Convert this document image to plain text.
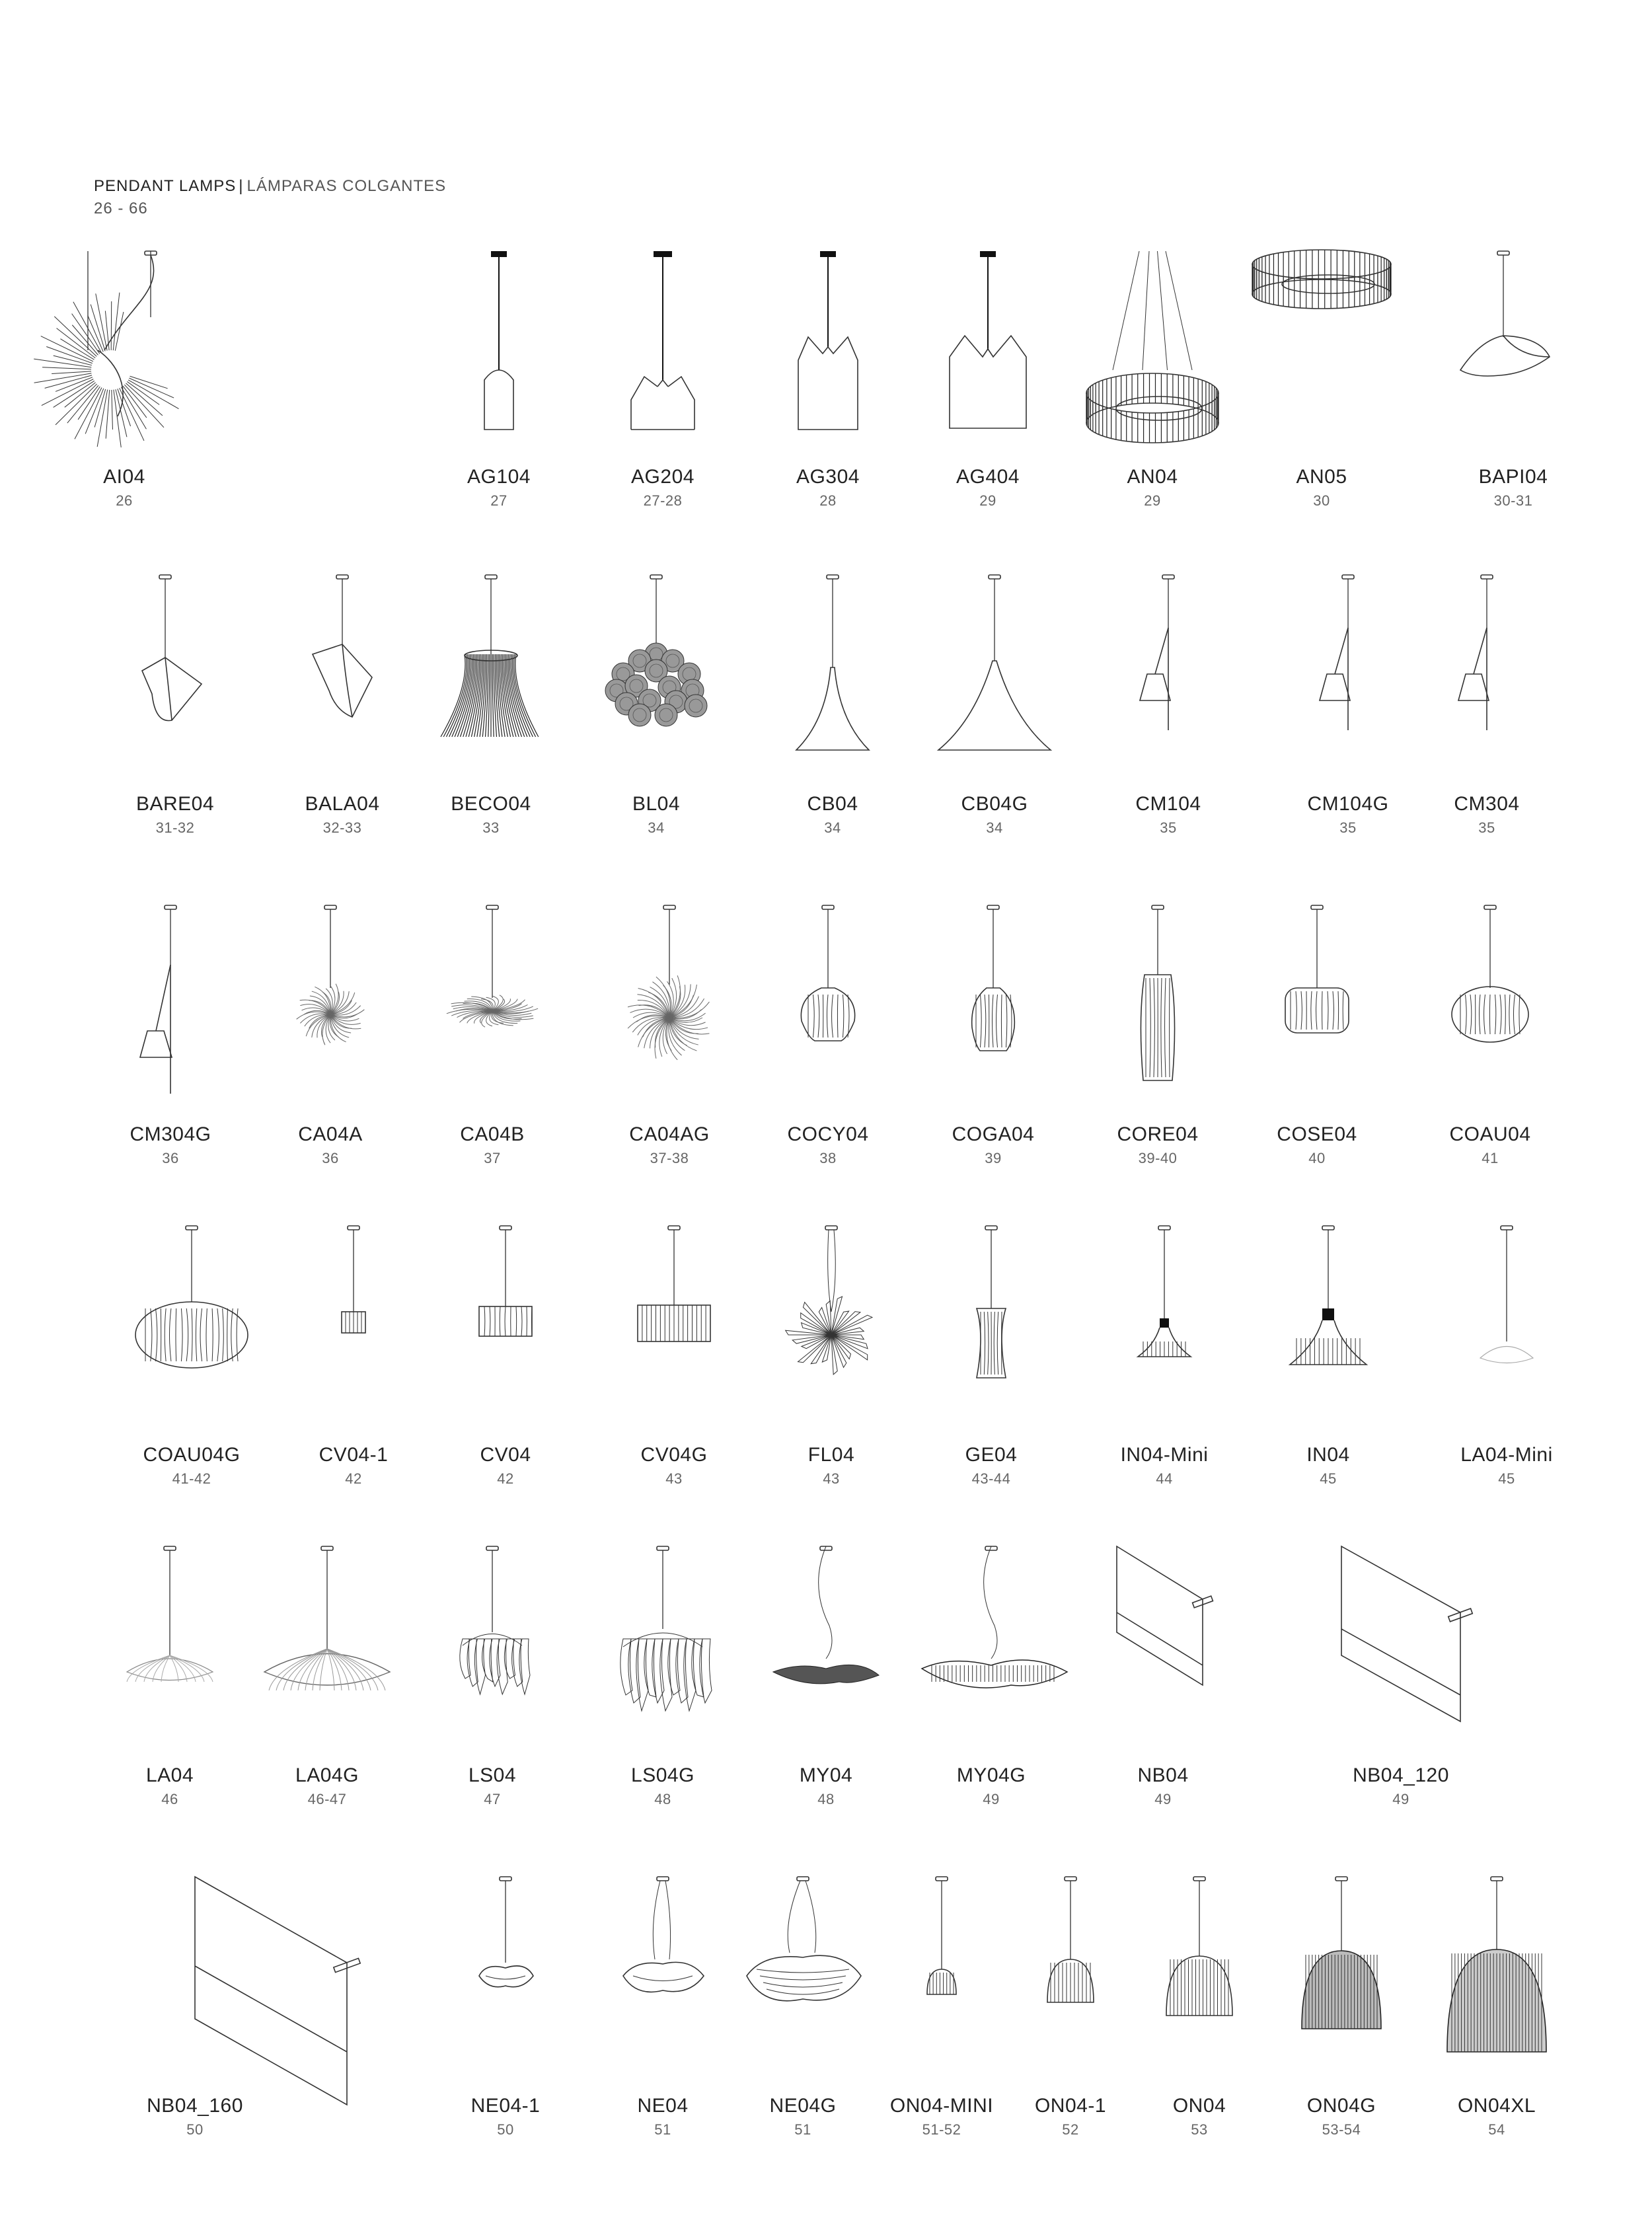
PENDANT LAMPS | LÁMPARAS COLGANTES
26 - 66
AI04
26
AG104
27
AG204
27-28
AG304
28
AG404
29
AN04
29
AN05
30
BAPI04
30-31
BARE04
31-32
BALA04
32-33
BECO04
33
BL04
34
CB04
34
CB04G
34
CM104
35
CM104G
35
CM304
35
CM304G
36
CA04A
36
CA04B
37
CA04AG
37-38
COCY04
38
COGA04
39
CORE04
39-40
COSE04
40
COAU04
41
COAU04G
41-42
CV04-1
42
CV04
42
CV04G
43
FL04
43
GE04
43-44
IN04-Mini
44
IN04
45
LA04-Mini
45
LA04
46
LA04G
46-47
LS04
47
LS04G
48
MY04
48
MY04G
49
NB04
49
NB04_120
49
NB04_160
50
NE04-1
50
NE04
51
NE04G
51
ON04-MINI
51-52
ON04-1
52
ON04
53
ON04G
53-54
ON04XL
54
